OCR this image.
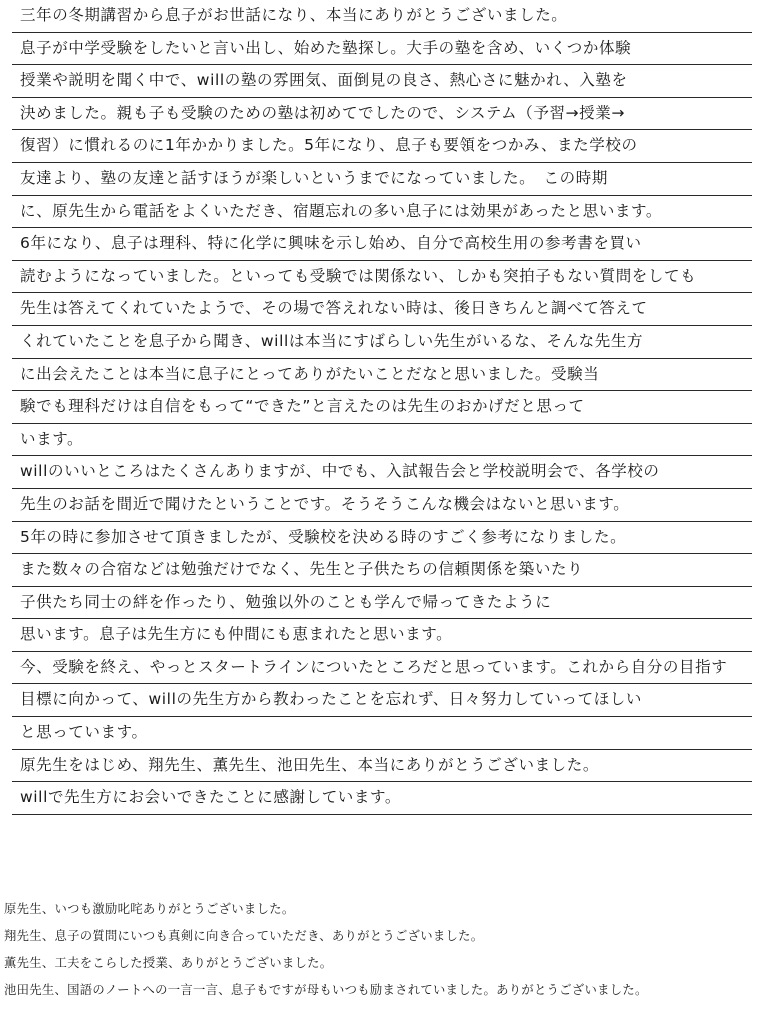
三年の冬期講習から息子がお世話になり、本当にありがとうございました。
息子が中学受験をしたいと言い出し、始めた塾探し。大手の塾を含め、いくつか体験
授業や説明を聞く中で、willの塾の雰囲気、面倒見の良さ、熱心さに魅かれ、入塾を
決めました。親も子も受験のための塾は初めてでしたので、システム（予習→授業→
復習）に慣れるのに1年かかりました。5年になり、息子も要領をつかみ、また学校の
友達より、塾の友達と話すほうが楽しいというまでになっていました。　この時期
に、原先生から電話をよくいただき、宿題忘れの多い息子には効果があったと思います。
6年になり、息子は理科、特に化学に興味を示し始め、自分で高校生用の参考書を買い
読むようになっていました。といっても受験では関係ない、しかも突拍子もない質問をしても
先生は答えてくれていたようで、その場で答えれない時は、後日きちんと調べて答えて
くれていたことを息子から聞き、willは本当にすばらしい先生がいるな、そんな先生方
に出会えたことは本当に息子にとってありがたいことだなと思いました。受験当
験でも理科だけは自信をもって“できた”と言えたのは先生のおかげだと思って
います。
willのいいところはたくさんありますが、中でも、入試報告会と学校説明会で、各学校の
先生のお話を間近で聞けたということです。そうそうこんな機会はないと思います。
5年の時に参加させて頂きましたが、受験校を決める時のすごく参考になりました。
また数々の合宿などは勉強だけでなく、先生と子供たちの信頼関係を築いたり
子供たち同士の絆を作ったり、勉強以外のことも学んで帰ってきたように
思います。息子は先生方にも仲間にも恵まれたと思います。
今、受験を終え、やっとスタートラインについたところだと思っています。これから自分の目指す
目標に向かって、willの先生方から教わったことを忘れず、日々努力していってほしい
と思っています。
原先生をはじめ、翔先生、薫先生、池田先生、本当にありがとうございました。
willで先生方にお会いできたことに感謝しています。
原先生、いつも激励叱咤ありがとうございました。
翔先生、息子の質問にいつも真剣に向き合っていただき、ありがとうございました。
薫先生、工夫をこらした授業、ありがとうございました。
池田先生、国語のノートへの一言一言、息子もですが母もいつも励まされていました。ありがとうございました。
